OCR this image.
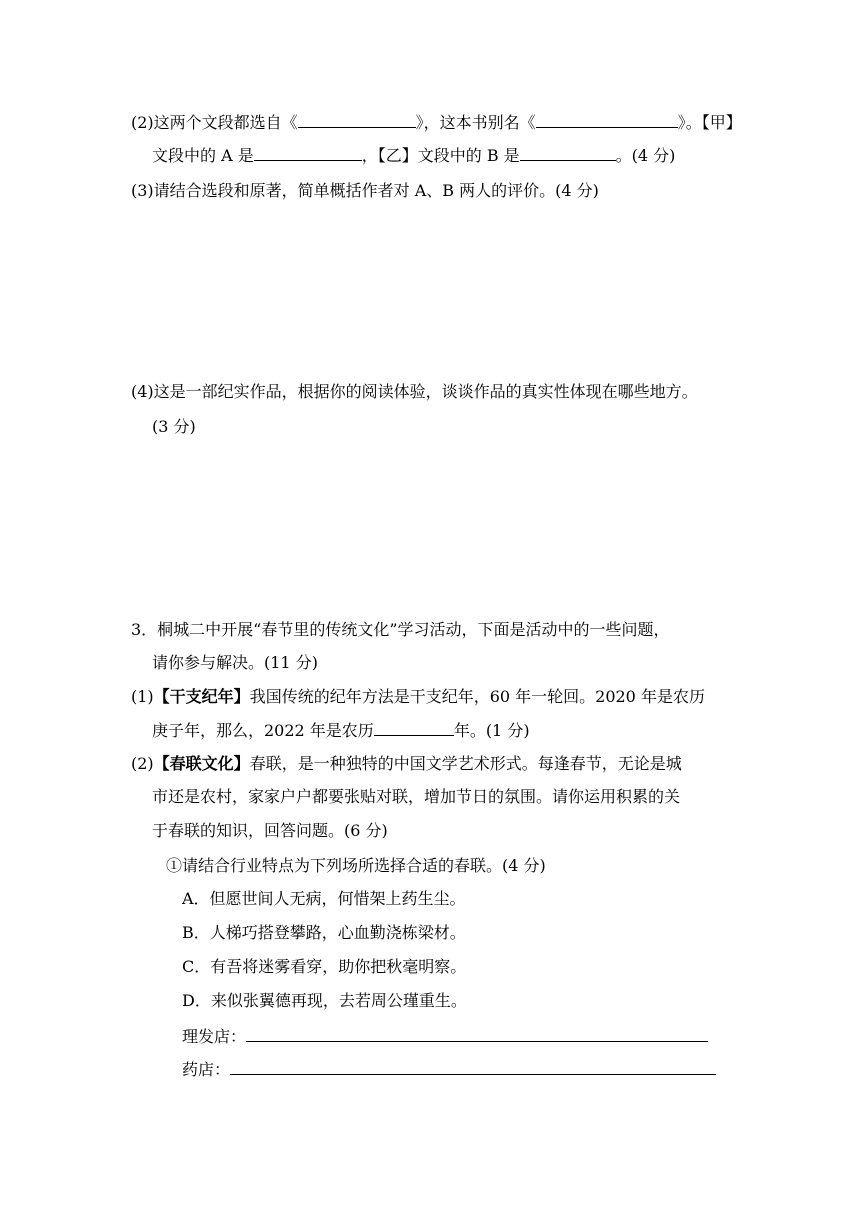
(2)这两个文段都选自《	》，这本书别名《	》。【甲】
文段中的 A 是	，【乙】文段中的 B 是	。(4 分)
(3)请结合选段和原著，简单概括作者对 A、B 两人的评价。(4 分)
(4)这是一部纪实作品，根据你的阅读体验，谈谈作品的真实性体现在哪些地方。
(3 分)
3．桐城二中开展“春节里的传统文化”学习活动，下面是活动中的一些问题，
请你参与解决。(11 分)
(1)【干支纪年】我国传统的纪年方法是干支纪年，60 年一轮回。2020 年是农历
庚子年，那么，2022 年是农历	年。(1 分)
(2)【春联文化】春联，是一种独特的中国文学艺术形式。每逢春节，无论是城
市还是农村，家家户户都要张贴对联，增加节日的氛围。请你运用积累的关
于春联的知识，回答问题。(6 分)
①请结合行业特点为下列场所选择合适的春联。(4 分)
A．但愿世间人无病，何惜架上药生尘。
B．人梯巧搭登攀路，心血勤浇栋梁材。
C．有吾将迷雾看穿，助你把秋毫明察。
D．来似张翼德再现，去若周公瑾重生。
理发店：
药店：
